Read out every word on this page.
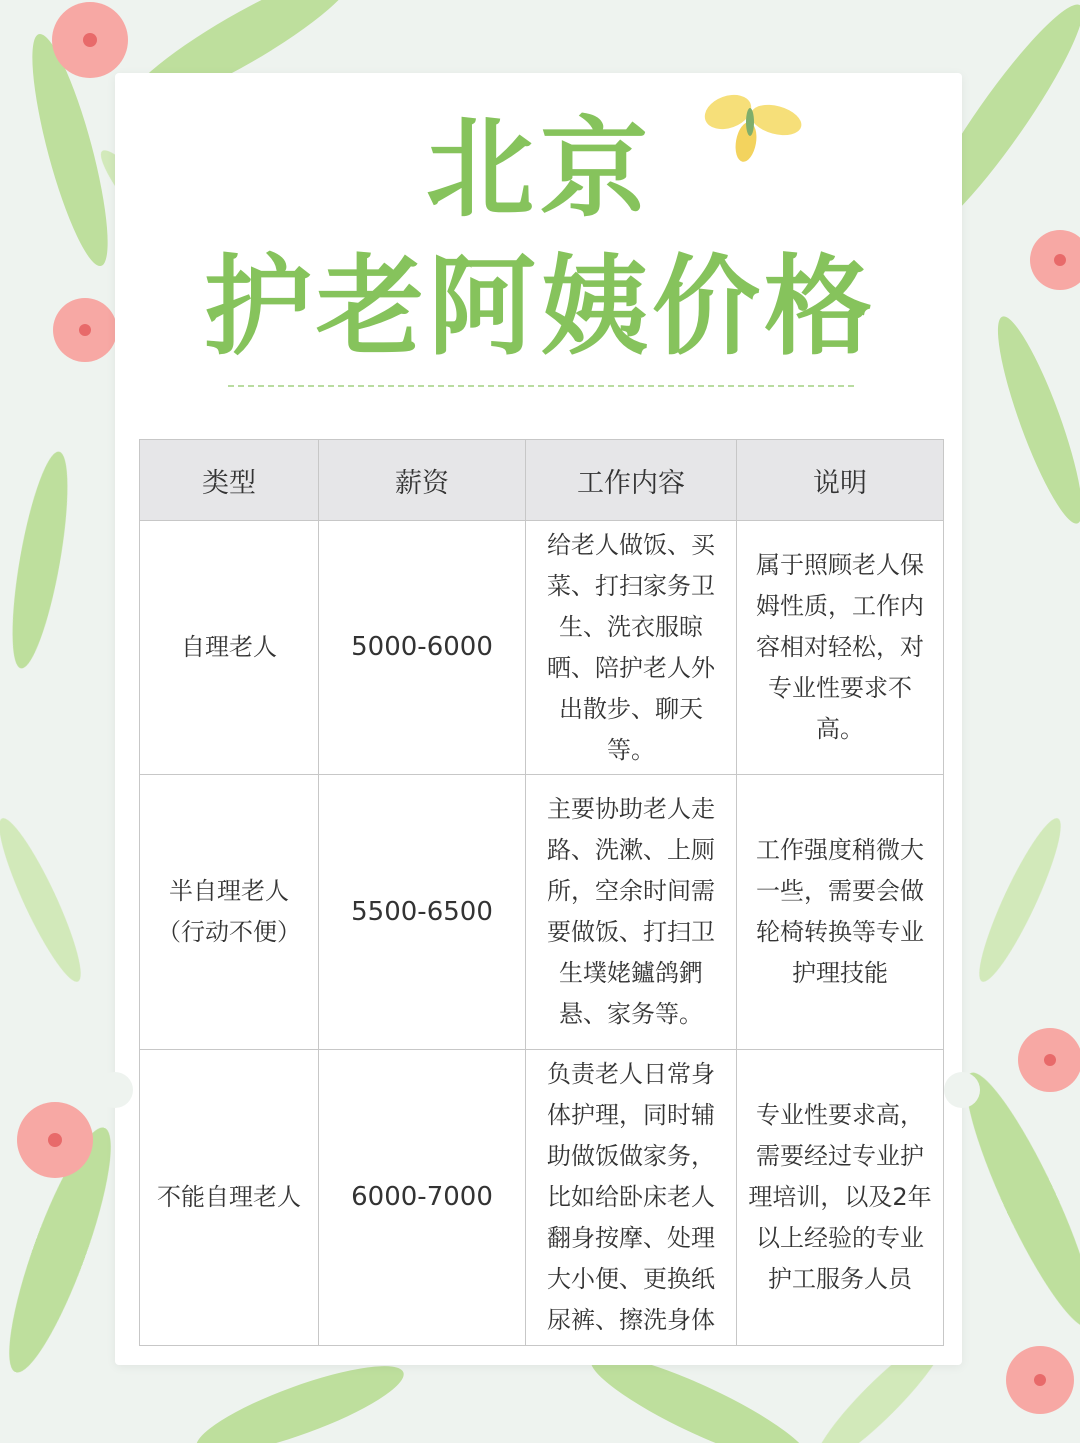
北京
护老阿姨价格
类型	薪资	工作内容	说明
自理老人	5000-6000	给老人做饭、买菜、打扫家务卫生、洗衣服晾晒、陪护老人外出散步、聊天等。	属于照顾老人保姆性质，工作内容相对轻松，对专业性要求不高。
半自理老人（行动不便）	5500-6500	主要协助老人走路、洗漱、上厕所，空余时间需要做饭、打扫卫生墣姥鑪鸽鍆悬、家务等。	工作强度稍微大一些，需要会做轮椅转换等专业护理技能
不能自理老人	6000-7000	负责老人日常身体护理，同时辅助做饭做家务，比如给卧床老人翻身按摩、处理大小便、更换纸尿裤、擦洗身体	专业性要求高，需要经过专业护理培训，以及2年以上经验的专业护工服务人员
